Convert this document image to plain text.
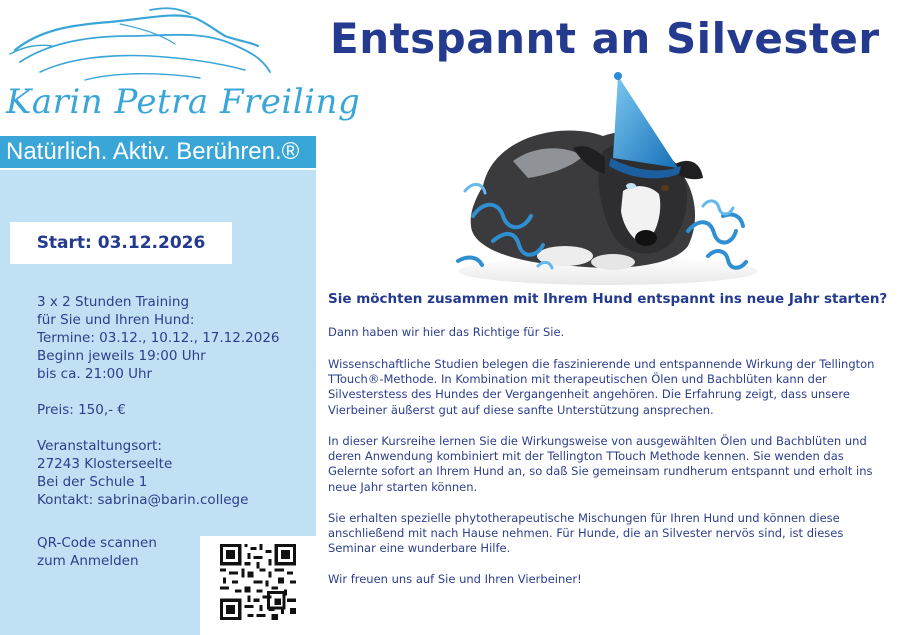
Karin Petra Freiling
Natürlich. Aktiv. Berühren.®
Start: 03.12.2026
3 x 2 Stunden Training
für Sie und Ihren Hund:
Termine: 03.12., 10.12., 17.12.2026
Beginn jeweils 19:00 Uhr
bis ca. 21:00 Uhr
Preis: 150,- €
Veranstaltungsort:
27243 Klosterseelte
Bei der Schule 1
Kontakt: sabrina@barin.college
QR-Code scannen
zum Anmelden
Entspannt an Silvester
Sie möchten zusammen mit Ihrem Hund entspannt ins neue Jahr starten?
Dann haben wir hier das Richtige für Sie.
Wissenschaftliche Studien belegen die faszinierende und entspannende Wirkung der Tellington TTouch®-Methode. In Kombination mit therapeutischen Ölen und Bachblüten kann der Silvesterstess des Hundes der Vergangenheit angehören. Die Erfahrung zeigt, dass unsere Vierbeiner äußerst gut auf diese sanfte Unterstützung ansprechen.
In dieser Kursreihe lernen Sie die Wirkungsweise von ausgewählten Ölen und Bachblüten und deren Anwendung kombiniert mit der Tellington TTouch Methode kennen. Sie wenden das Gelernte sofort an Ihrem Hund an, so daß Sie gemeinsam rundherum entspannt und erholt ins neue Jahr starten können.
Sie erhalten spezielle phytotherapeutische Mischungen für Ihren Hund und können diese anschließend mit nach Hause nehmen. Für Hunde, die an Silvester nervös sind, ist dieses Seminar eine wunderbare Hilfe.
Wir freuen uns auf Sie und Ihren Vierbeiner!
